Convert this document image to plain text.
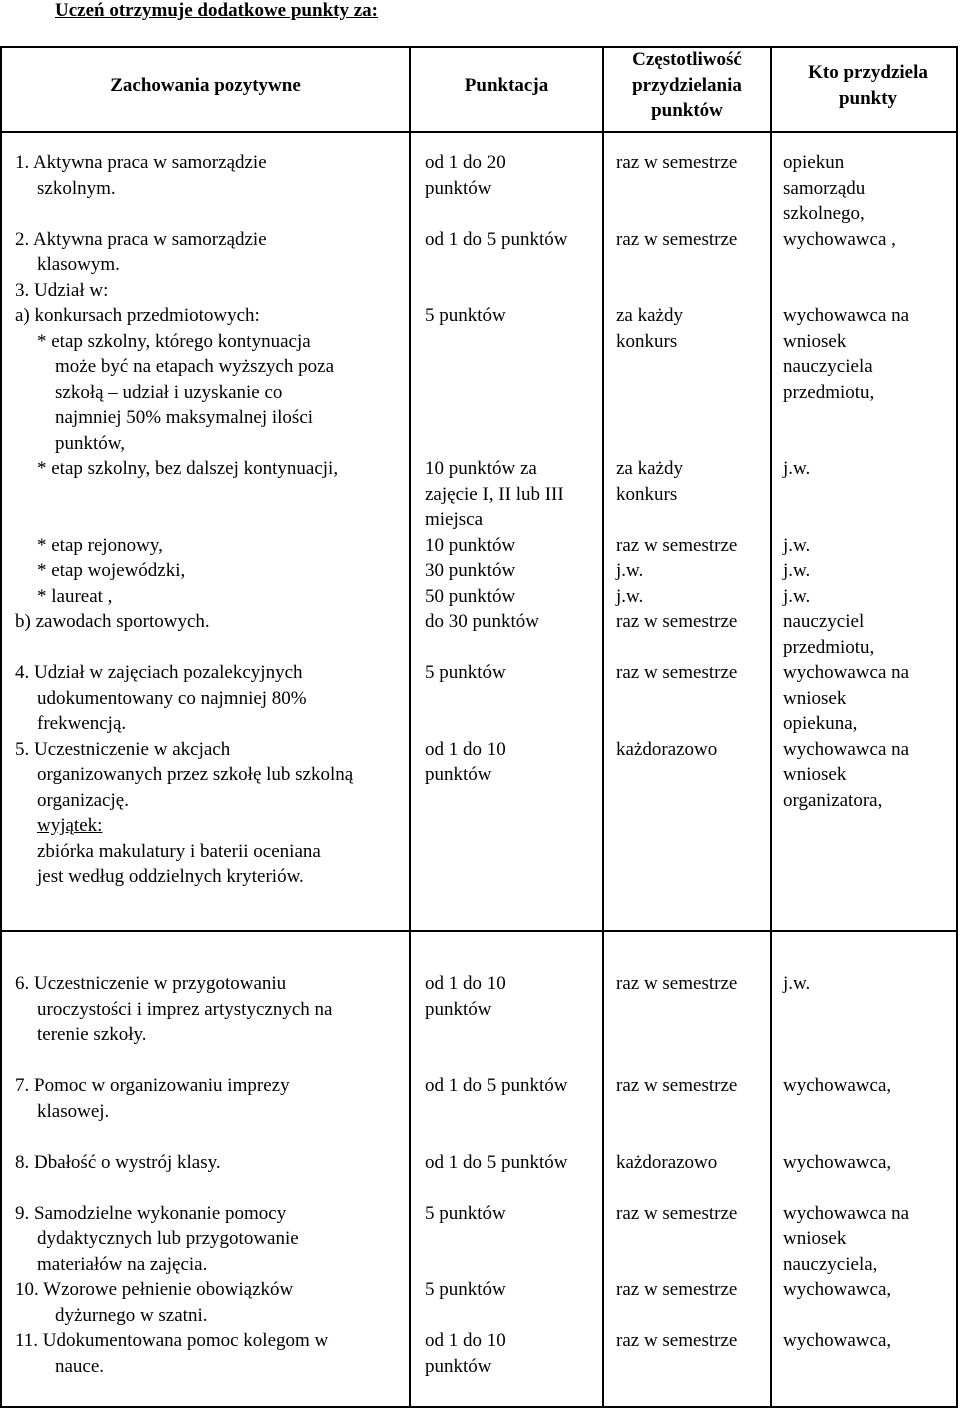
Uczeń otrzymuje dodatkowe punkty za:
Zachowania pozytywne	Punktacja
Częstotliwość przydzielania punktów
Kto przydziela punkty
1. Aktywna praca w samorządzie
szkolnym.
2. Aktywna praca w samorządzie
klasowym.
3. Udział w:
a) konkursach przedmiotowych:
* etap szkolny, którego kontynuacja
może być na etapach wyższych poza
szkołą – udział i uzyskanie co
najmniej 50% maksymalnej ilości
punktów,
* etap szkolny, bez dalszej kontynuacji,
* etap rejonowy,
* etap wojewódzki,
* laureat ,
b) zawodach sportowych.
4. Udział w zajęciach pozalekcyjnych
udokumentowany co najmniej 80%
frekwencją.
5. Uczestniczenie w akcjach
organizowanych przez szkołę lub szkolną
organizację.
wyjątek:
zbiórka makulatury i baterii oceniana
jest według oddzielnych kryteriów.
od 1 do 20
punktów
od 1 do 5 punktów
5 punktów
10 punktów za
zajęcie I, II lub III
miejsca
10 punktów
30 punktów
50 punktów
do 30 punktów
5 punktów
od 1 do 10
punktów
raz w semestrze
raz w semestrze
za każdy
konkurs
za każdy
konkurs
raz w semestrze
j.w.
j.w.
raz w semestrze
raz w semestrze
każdorazowo
opiekun
samorządu
szkolnego,
wychowawca ,
wychowawca na
wniosek
nauczyciela
przedmiotu,
j.w.
j.w.
j.w.
j.w.
nauczyciel
przedmiotu,
wychowawca na
wniosek
opiekuna,
wychowawca na
wniosek
organizatora,
6. Uczestniczenie w przygotowaniu
uroczystości i imprez artystycznych na
terenie szkoły.
7. Pomoc w organizowaniu imprezy
klasowej.
8. Dbałość o wystrój klasy.
9. Samodzielne wykonanie pomocy
dydaktycznych lub przygotowanie
materiałów na zajęcia.
10. Wzorowe pełnienie obowiązków
dyżurnego w szatni.
11. Udokumentowana pomoc kolegom w
nauce.
od 1 do 10
punktów
od 1 do 5 punktów
od 1 do 5 punktów
5 punktów
5 punktów
od 1 do 10
punktów
raz w semestrze
raz w semestrze
każdorazowo
raz w semestrze
raz w semestrze
raz w semestrze
j.w.
wychowawca,
wychowawca,
wychowawca na
wniosek
nauczyciela,
wychowawca,
wychowawca,
